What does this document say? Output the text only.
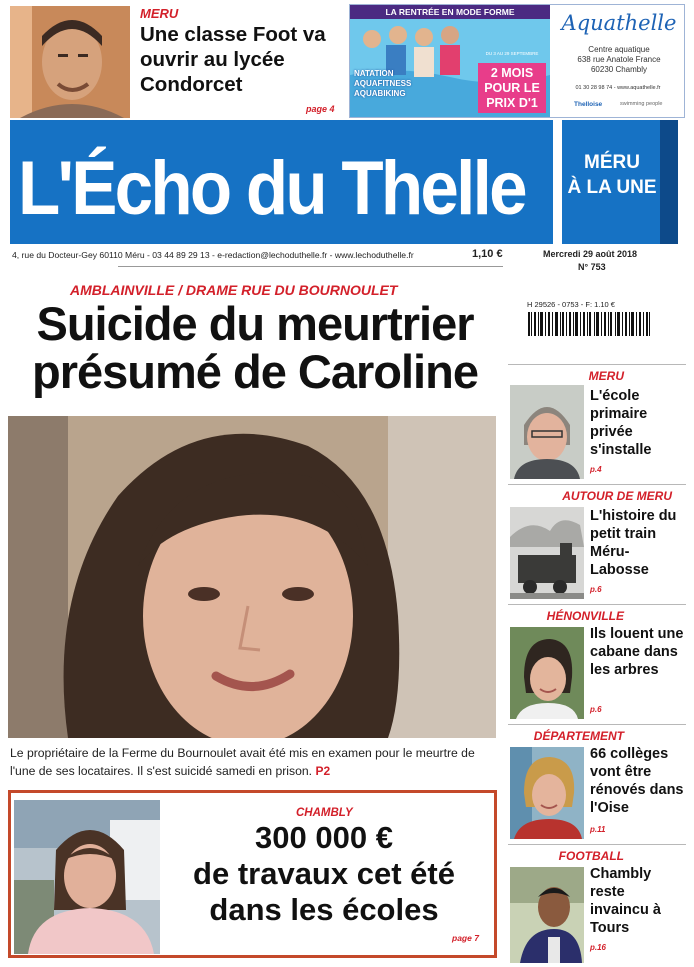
MERU
Une classe Foot va ouvrir au lycée Condorcet
page 4
LA RENTRÉE EN MODE FORME
DU 3 AU 29 SEPTEMBRE
2 MOIS
POUR LE
PRIX D'1
NATATION
AQUAFITNESS
AQUABIKING
Aquathelle
Centre aquatique
638 rue Anatole France
60230 Chambly
01 30 28 98 74 - www.aquathelle.fr
Thelloise	swimming people
L'Écho du Thelle	MÉRU
À LA UNE
4, rue du Docteur-Gey 60110 Méru - 03 44 89 29 13 - e-redaction@lechoduthelle.fr - www.lechoduthelle.fr	1,10 €	Mercredi 29 août 2018
N° 753
H 29526 - 0753 - F: 1.10 €
AMBLAINVILLE / DRAME RUE DU BOURNOULET
Suicide du meurtrier
présumé de Caroline
Le propriétaire de la Ferme du Bournoulet avait été mis en examen pour le meurtre de l'une de ses locataires. Il s'est suicidé samedi en prison. P2
CHAMBLY
300 000 €
de travaux cet été
dans les écoles
page 7
MERU
L'école primaire privée s'installe
p.4
AUTOUR DE MERU
L'histoire du petit train Méru-Labosse
p.6
HÉNONVILLE
Ils louent une cabane dans les arbres
p.6
DÉPARTEMENT
66 collèges vont être rénovés dans l'Oise
p.11
FOOTBALL
Chambly reste invaincu à Tours
p.16
